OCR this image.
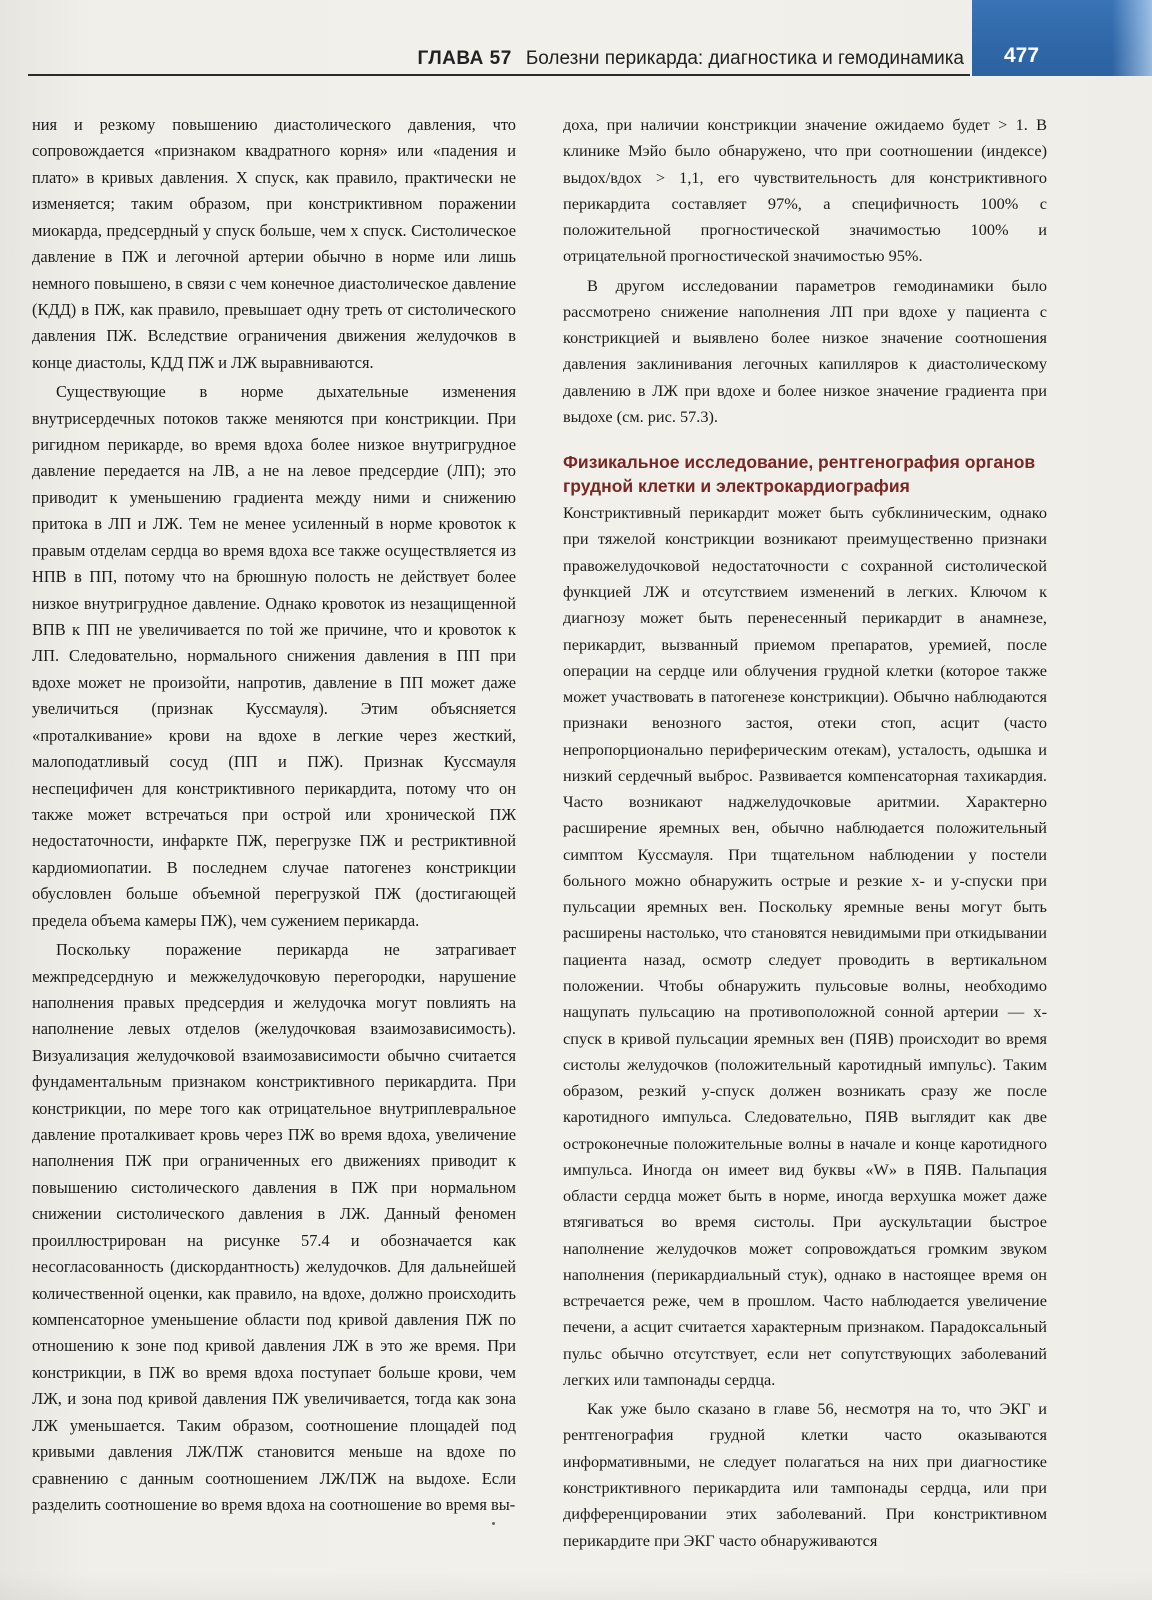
ГЛАВА 57 Болезни перикарда: диагностика и гемодинамика 477

ния и резкому повышению диастолического давления, что сопровождается «признаком квадратного корня» или «падения и плато» в кривых давления. X спуск, как правило, практически не изменяется; таким образом, при констриктивном поражении миокарда, предсердный y спуск больше, чем x спуск. Систолическое давление в ПЖ и легочной артерии обычно в норме или лишь немного повышено, в связи с чем конечное диастолическое давление (КДД) в ПЖ, как правило, превышает одну треть от систолического давления ПЖ. Вследствие ограничения движения желудочков в конце диастолы, КДД ПЖ и ЛЖ выравниваются.

Существующие в норме дыхательные изменения внутрисердечных потоков также меняются при констрикции. При ригидном перикарде, во время вдоха более низкое внутригрудное давление передается на ЛВ, а не на левое предсердие (ЛП); это приводит к уменьшению градиента между ними и снижению притока в ЛП и ЛЖ. Тем не менее усиленный в норме кровоток к правым отделам сердца во время вдоха все также осуществляется из НПВ в ПП, потому что на брюшную полость не действует более низкое внутригрудное давление. Однако кровоток из незащищенной ВПВ к ПП не увеличивается по той же причине, что и кровоток к ЛП. Следовательно, нормального снижения давления в ПП при вдохе может не произойти, напротив, давление в ПП может даже увеличиться (признак Куссмауля). Этим объясняется «проталкивание» крови на вдохе в легкие через жесткий, малоподатливый сосуд (ПП и ПЖ). Признак Куссмауля неспецифичен для констриктивного перикардита, потому что он также может встречаться при острой или хронической ПЖ недостаточности, инфаркте ПЖ, перегрузке ПЖ и рестриктивной кардиомиопатии. В последнем случае патогенез констрикции обусловлен больше объемной перегрузкой ПЖ (достигающей предела объема камеры ПЖ), чем сужением перикарда.

Поскольку поражение перикарда не затрагивает межпредсердную и межжелудочковую перегородки, нарушение наполнения правых предсердия и желудочка могут повлиять на наполнение левых отделов (желудочковая взаимозависимость). Визуализация желудочковой взаимозависимости обычно считается фундаментальным признаком констриктивного перикардита. При констрикции, по мере того как отрицательное внутриплевральное давление проталкивает кровь через ПЖ во время вдоха, увеличение наполнения ПЖ при ограниченных его движениях приводит к повышению систолического давления в ПЖ при нормальном снижении систолического давления в ЛЖ. Данный феномен проиллюстрирован на рисунке 57.4 и обозначается как несогласованность (дискордантность) желудочков. Для дальнейшей количественной оценки, как правило, на вдохе, должно происходить компенсаторное уменьшение области под кривой давления ПЖ по отношению к зоне под кривой давления ЛЖ в это же время. При констрикции, в ПЖ во время вдоха поступает больше крови, чем ЛЖ, и зона под кривой давления ПЖ увеличивается, тогда как зона ЛЖ уменьшается. Таким образом, соотношение площадей под кривыми давления ЛЖ/ПЖ становится меньше на вдохе по сравнению с данным соотношением ЛЖ/ПЖ на выдохе. Если разделить соотношение во время вдоха на соотношение во время вы-

доха, при наличии констрикции значение ожидаемо будет > 1. В клинике Мэйо было обнаружено, что при соотношении (индексе) выдох/вдох > 1,1, его чувствительность для констриктивного перикардита составляет 97%, а специфичность 100% с положительной прогностической значимостью 100% и отрицательной прогностической значимостью 95%.

В другом исследовании параметров гемодинамики было рассмотрено снижение наполнения ЛП при вдохе у пациента с констрикцией и выявлено более низкое значение соотношения давления заклинивания легочных капилляров к диастолическому давлению в ЛЖ при вдохе и более низкое значение градиента при выдохе (см. рис. 57.3).

Физикальное исследование, рентгенография органов грудной клетки и электрокардиография

Констриктивный перикардит может быть субклиническим, однако при тяжелой констрикции возникают преимущественно признаки правожелудочковой недостаточности с сохранной систолической функцией ЛЖ и отсутствием изменений в легких. Ключом к диагнозу может быть перенесенный перикардит в анамнезе, перикардит, вызванный приемом препаратов, уремией, после операции на сердце или облучения грудной клетки (которое также может участвовать в патогенезе констрикции). Обычно наблюдаются признаки венозного застоя, отеки стоп, асцит (часто непропорционально периферическим отекам), усталость, одышка и низкий сердечный выброс. Развивается компенсаторная тахикардия. Часто возникают наджелудочковые аритмии. Характерно расширение яремных вен, обычно наблюдается положительный симптом Куссмауля. При тщательном наблюдении у постели больного можно обнаружить острые и резкие x- и y-спуски при пульсации яремных вен. Поскольку яремные вены могут быть расширены настолько, что становятся невидимыми при откидывании пациента назад, осмотр следует проводить в вертикальном положении. Чтобы обнаружить пульсовые волны, необходимо нащупать пульсацию на противоположной сонной артерии — x-спуск в кривой пульсации яремных вен (ПЯВ) происходит во время систолы желудочков (положительный каротидный импульс). Таким образом, резкий y-спуск должен возникать сразу же после каротидного импульса. Следовательно, ПЯВ выглядит как две остроконечные положительные волны в начале и конце каротидного импульса. Иногда он имеет вид буквы «W» в ПЯВ. Пальпация области сердца может быть в норме, иногда верхушка может даже втягиваться во время систолы. При аускультации быстрое наполнение желудочков может сопровождаться громким звуком наполнения (перикардиальный стук), однако в настоящее время он встречается реже, чем в прошлом. Часто наблюдается увеличение печени, а асцит считается характерным признаком. Парадоксальный пульс обычно отсутствует, если нет сопутствующих заболеваний легких или тампонады сердца.

Как уже было сказано в главе 56, несмотря на то, что ЭКГ и рентгенография грудной клетки часто оказываются информативными, не следует полагаться на них при диагностике констриктивного перикардита или тампонады сердца, или при дифференцировании этих заболеваний. При констриктивном перикардите при ЭКГ часто обнаруживаются
